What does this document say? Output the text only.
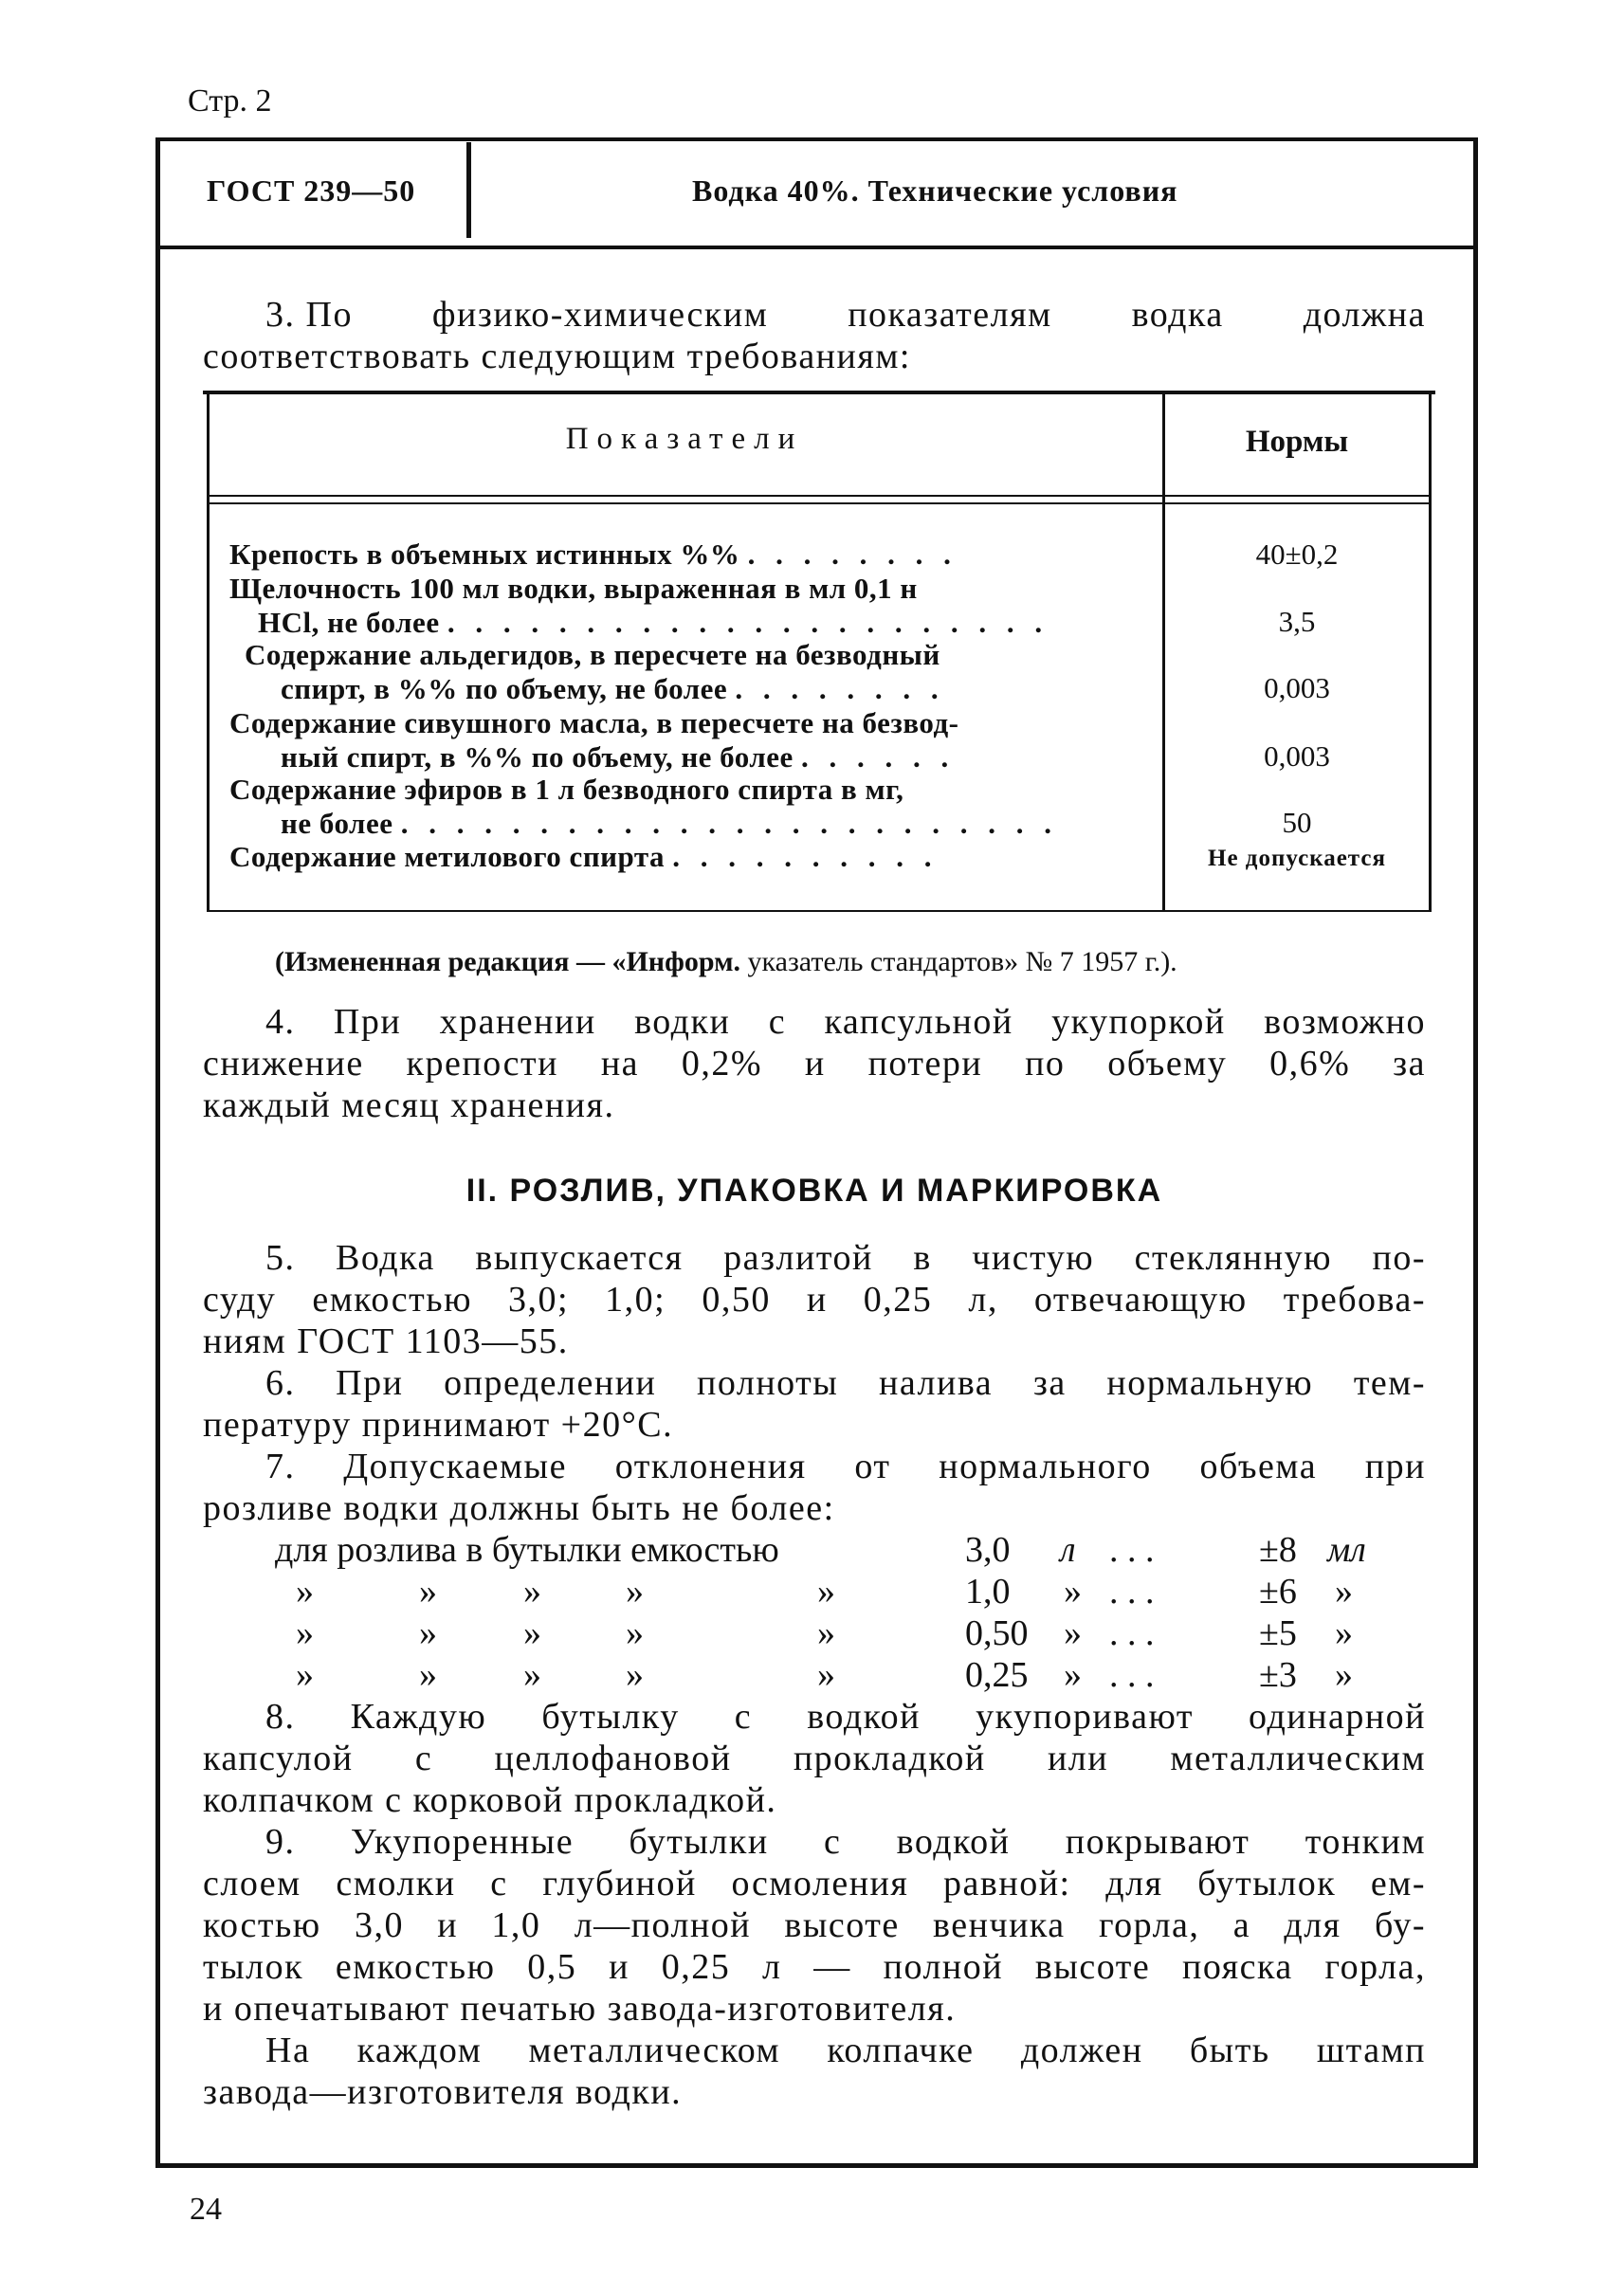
Стр. 2
ГОСТ 239—50	Водка 40%. Технические условия
3. По физико-химическим показателям водка должна
соответствовать следующим требованиям:
Показатели	Нормы
Крепость в объемных истинных %% . . . . . . . .	40±0,2
Щелочность 100 мл водки, выраженная в мл 0,1 н
HCl, не более . . . . . . . . . . . . . . . . . . . . . .	3,5
Содержание альдегидов, в пересчете на безводный
спирт, в %% по объему, не более . . . . . . . .	0,003
Содержание сивушного масла, в пересчете на безвод-
ный спирт, в %% по объему, не более . . . . . .	0,003
Содержание эфиров в 1 л безводного спирта в мг,
не более . . . . . . . . . . . . . . . . . . . . . . . .	50
Содержание метилового спирта . . . . . . . . . .	Не допускается
(Измененная редакция — «Информ. указатель стандартов» № 7 1957 г.).
4. При хранении водки с капсульной укупоркой возможно
снижение крепости на 0,2% и потери по объему 0,6% за
каждый месяц хранения.
II. РОЗЛИВ, УПАКОВКА И МАРКИРОВКА
5. Водка выпускается разлитой в чистую стеклянную по-
суду емкостью 3,0; 1,0; 0,50 и 0,25 л, отвечающую требова-
ниям ГОСТ 1103—55.
6. При определении полноты налива за нормальную тем-
пературу принимают +20°C.
7. Допускаемые отклонения от нормального объема при
розливе водки должны быть не более:
для розлива в бутылки емкостью	3,0 л . . .	±8 мл
»	» » »	»	1,0 » . . .	±6 »
»	» » »	»	0,50 » . . .	±5 »
»	» » »	»	0,25 » . . .	±3 »
8. Каждую бутылку с водкой укупоривают одинарной
капсулой с целлофановой прокладкой или металлическим
колпачком с корковой прокладкой.
9. Укупоренные бутылки с водкой покрывают тонким
слоем смолки с глубиной осмоления равной: для бутылок ем-
костью 3,0 и 1,0 л—полной высоте венчика горла, а для бу-
тылок емкостью 0,5 и 0,25 л — полной высоте пояска горла,
и опечатывают печатью завода-изготовителя.
На каждом металлическом колпачке должен быть штамп
завода—изготовителя водки.
24
